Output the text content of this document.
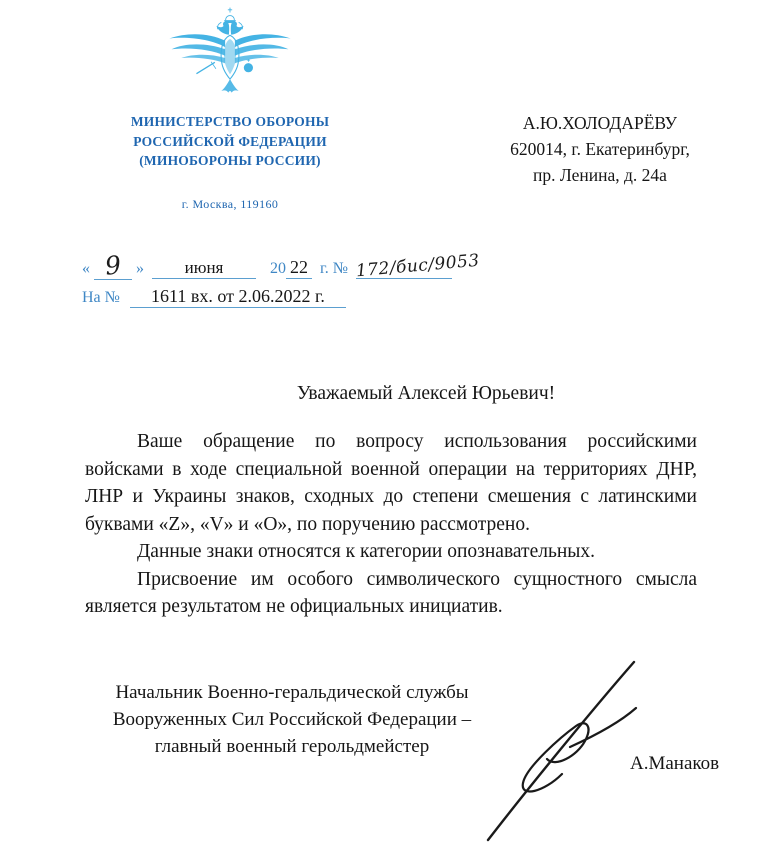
МИНИСТЕРСТВО ОБОРОНЫ
РОССИЙСКОЙ ФЕДЕРАЦИИ
(МИНОБОРОНЫ РОССИИ)
г. Москва, 119160
А.Ю.ХОЛОДАРЁВУ
620014, г. Екатеринбург,
пр. Ленина, д. 24а
« 9 » июня	20 22 г. № 172/бис/9053
На № 1611 вх. от 2.06.2022 г.
Уважаемый Алексей Юрьевич!

Ваше обращение по вопросу использования российскими войсками в ходе специальной военной операции на территориях ДНР, ЛНР и Украины знаков, сходных до степени смешения с латинскими буквами «Z», «V» и «O», по поручению рассмотрено.

Данные знаки относятся к категории опознавательных.

Присвоение им особого символического сущностного смысла является результатом не официальных инициатив.

Начальник Военно-геральдической службы
Вооруженных Сил Российской Федерации –
главный военный герольдмейстер
А.Манаков
